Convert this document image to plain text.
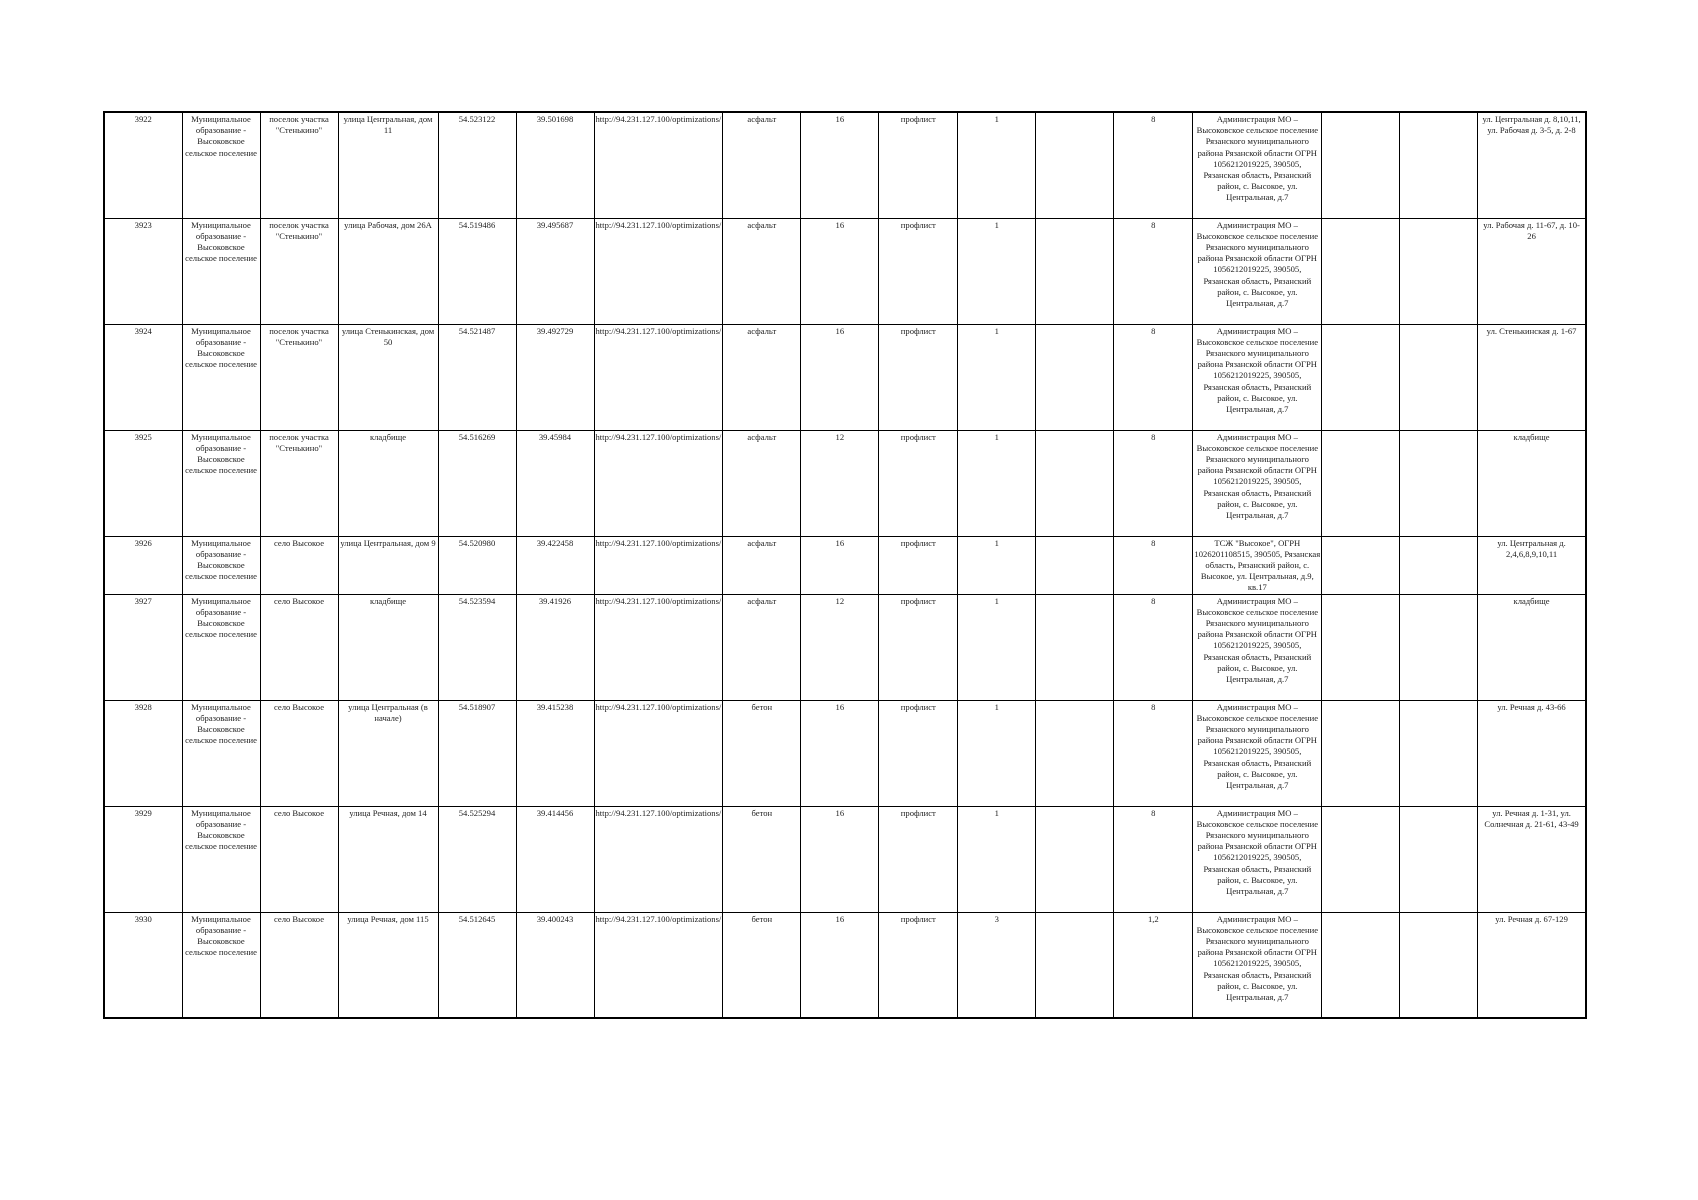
3922	Муниципальное образование - Высоковское сельское поселение	поселок участка "Стенькино"	улица Центральная, дом 11	54.523122	39.501698	http://94.231.127.100/optimizations/	асфальт	16	профлист	1		8	Администрация МО – Высоковское сельское поселение Рязанского муниципального района Рязанской области ОГРН 1056212019225, 390505, Рязанская область, Рязанский район, с. Высокое, ул. Центральная, д.7			ул. Центральная д. 8,10,11, ул. Рабочая д. 3-5, д. 2-8
3923	Муниципальное образование - Высоковское сельское поселение	поселок участка "Стенькино"	улица Рабочая, дом 26А	54.519486	39.495687	http://94.231.127.100/optimizations/	асфальт	16	профлист	1		8	Администрация МО – Высоковское сельское поселение Рязанского муниципального района Рязанской области ОГРН 1056212019225, 390505, Рязанская область, Рязанский район, с. Высокое, ул. Центральная, д.7			ул. Рабочая д. 11-67, д. 10-26
3924	Муниципальное образование - Высоковское сельское поселение	поселок участка "Стенькино"	улица Стенькинская, дом 50	54.521487	39.492729	http://94.231.127.100/optimizations/	асфальт	16	профлист	1		8	Администрация МО – Высоковское сельское поселение Рязанского муниципального района Рязанской области ОГРН 1056212019225, 390505, Рязанская область, Рязанский район, с. Высокое, ул. Центральная, д.7			ул. Стенькинская д. 1-67
3925	Муниципальное образование - Высоковское сельское поселение	поселок участка "Стенькино"	кладбище	54.516269	39.45984	http://94.231.127.100/optimizations/	асфальт	12	профлист	1		8	Администрация МО – Высоковское сельское поселение Рязанского муниципального района Рязанской области ОГРН 1056212019225, 390505, Рязанская область, Рязанский район, с. Высокое, ул. Центральная, д.7			кладбище
3926	Муниципальное образование - Высоковское сельское поселение	село Высокое	улица Центральная, дом 9	54.520980	39.422458	http://94.231.127.100/optimizations/	асфальт	16	профлист	1		8	ТСЖ "Высокое", ОГРН 1026201108515, 390505, Рязанская область, Рязанский район, с. Высокое, ул. Центральная, д.9, кв.17			ул. Центральная д. 2,4,6,8,9,10,11
3927	Муниципальное образование - Высоковское сельское поселение	село Высокое	кладбище	54.523594	39.41926	http://94.231.127.100/optimizations/	асфальт	12	профлист	1		8	Администрация МО – Высоковское сельское поселение Рязанского муниципального района Рязанской области ОГРН 1056212019225, 390505, Рязанская область, Рязанский район, с. Высокое, ул. Центральная, д.7			кладбище
3928	Муниципальное образование - Высоковское сельское поселение	село Высокое	улица Центральная (в начале)	54.518907	39.415238	http://94.231.127.100/optimizations/	бетон	16	профлист	1		8	Администрация МО – Высоковское сельское поселение Рязанского муниципального района Рязанской области ОГРН 1056212019225, 390505, Рязанская область, Рязанский район, с. Высокое, ул. Центральная, д.7			ул. Речная д. 43-66
3929	Муниципальное образование - Высоковское сельское поселение	село Высокое	улица Речная, дом 14	54.525294	39.414456	http://94.231.127.100/optimizations/	бетон	16	профлист	1		8	Администрация МО – Высоковское сельское поселение Рязанского муниципального района Рязанской области ОГРН 1056212019225, 390505, Рязанская область, Рязанский район, с. Высокое, ул. Центральная, д.7			ул. Речная д. 1-31, ул. Солнечная д. 21-61, 43-49
3930	Муниципальное образование - Высоковское сельское поселение	село Высокое	улица Речная, дом 115	54.512645	39.400243	http://94.231.127.100/optimizations/	бетон	16	профлист	3		1,2	Администрация МО – Высоковское сельское поселение Рязанского муниципального района Рязанской области ОГРН 1056212019225, 390505, Рязанская область, Рязанский район, с. Высокое, ул. Центральная, д.7			ул. Речная д. 67-129
